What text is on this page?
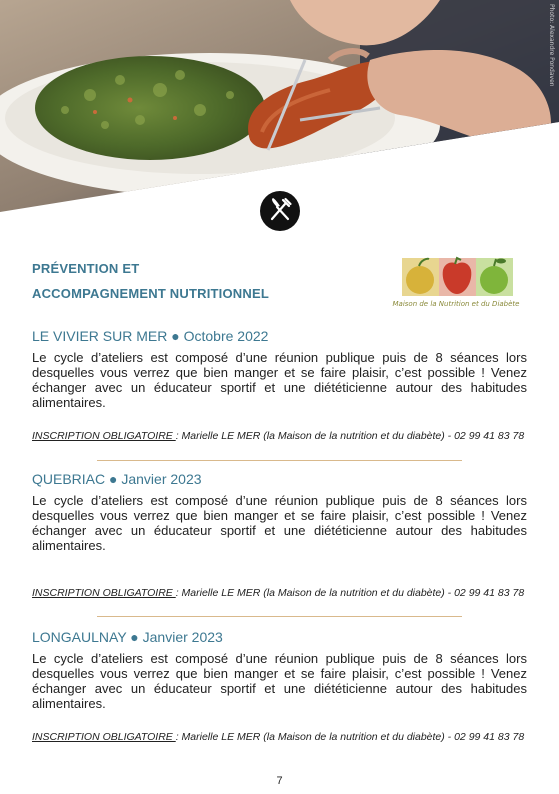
Photo: Alexandre Pondaven
PRÉVENTION ET
ACCOMPAGNEMENT NUTRITIONNEL
Maison de la Nutrition et du Diabète

LE VIVIER SUR MER ● Octobre 2022

Le cycle d’ateliers est composé d’une réunion publique puis de 8 séances lors desquelles vous verrez que bien manger et se faire plaisir, c’est possible ! Venez échanger avec un éducateur sportif et une diététicienne autour des habitudes alimentaires.

INSCRIPTION OBLIGATOIRE : Marielle LE MER (la Maison de la nutrition et du diabète) - 02 99 41 83 78

QUEBRIAC ● Janvier 2023

Le cycle d’ateliers est composé d’une réunion publique puis de 8 séances lors desquelles vous verrez que bien manger et se faire plaisir, c’est possible ! Venez échanger avec un éducateur sportif et une diététicienne autour des habitudes alimentaires.

INSCRIPTION OBLIGATOIRE : Marielle LE MER (la Maison de la nutrition et du diabète) - 02 99 41 83 78

LONGAULNAY ● Janvier 2023

Le cycle d’ateliers est composé d’une réunion publique puis de 8 séances lors desquelles vous verrez que bien manger et se faire plaisir, c’est possible ! Venez échanger avec un éducateur sportif et une diététicienne autour des habitudes alimentaires.

INSCRIPTION OBLIGATOIRE : Marielle LE MER (la Maison de la nutrition et du diabète) - 02 99 41 83 78

7
